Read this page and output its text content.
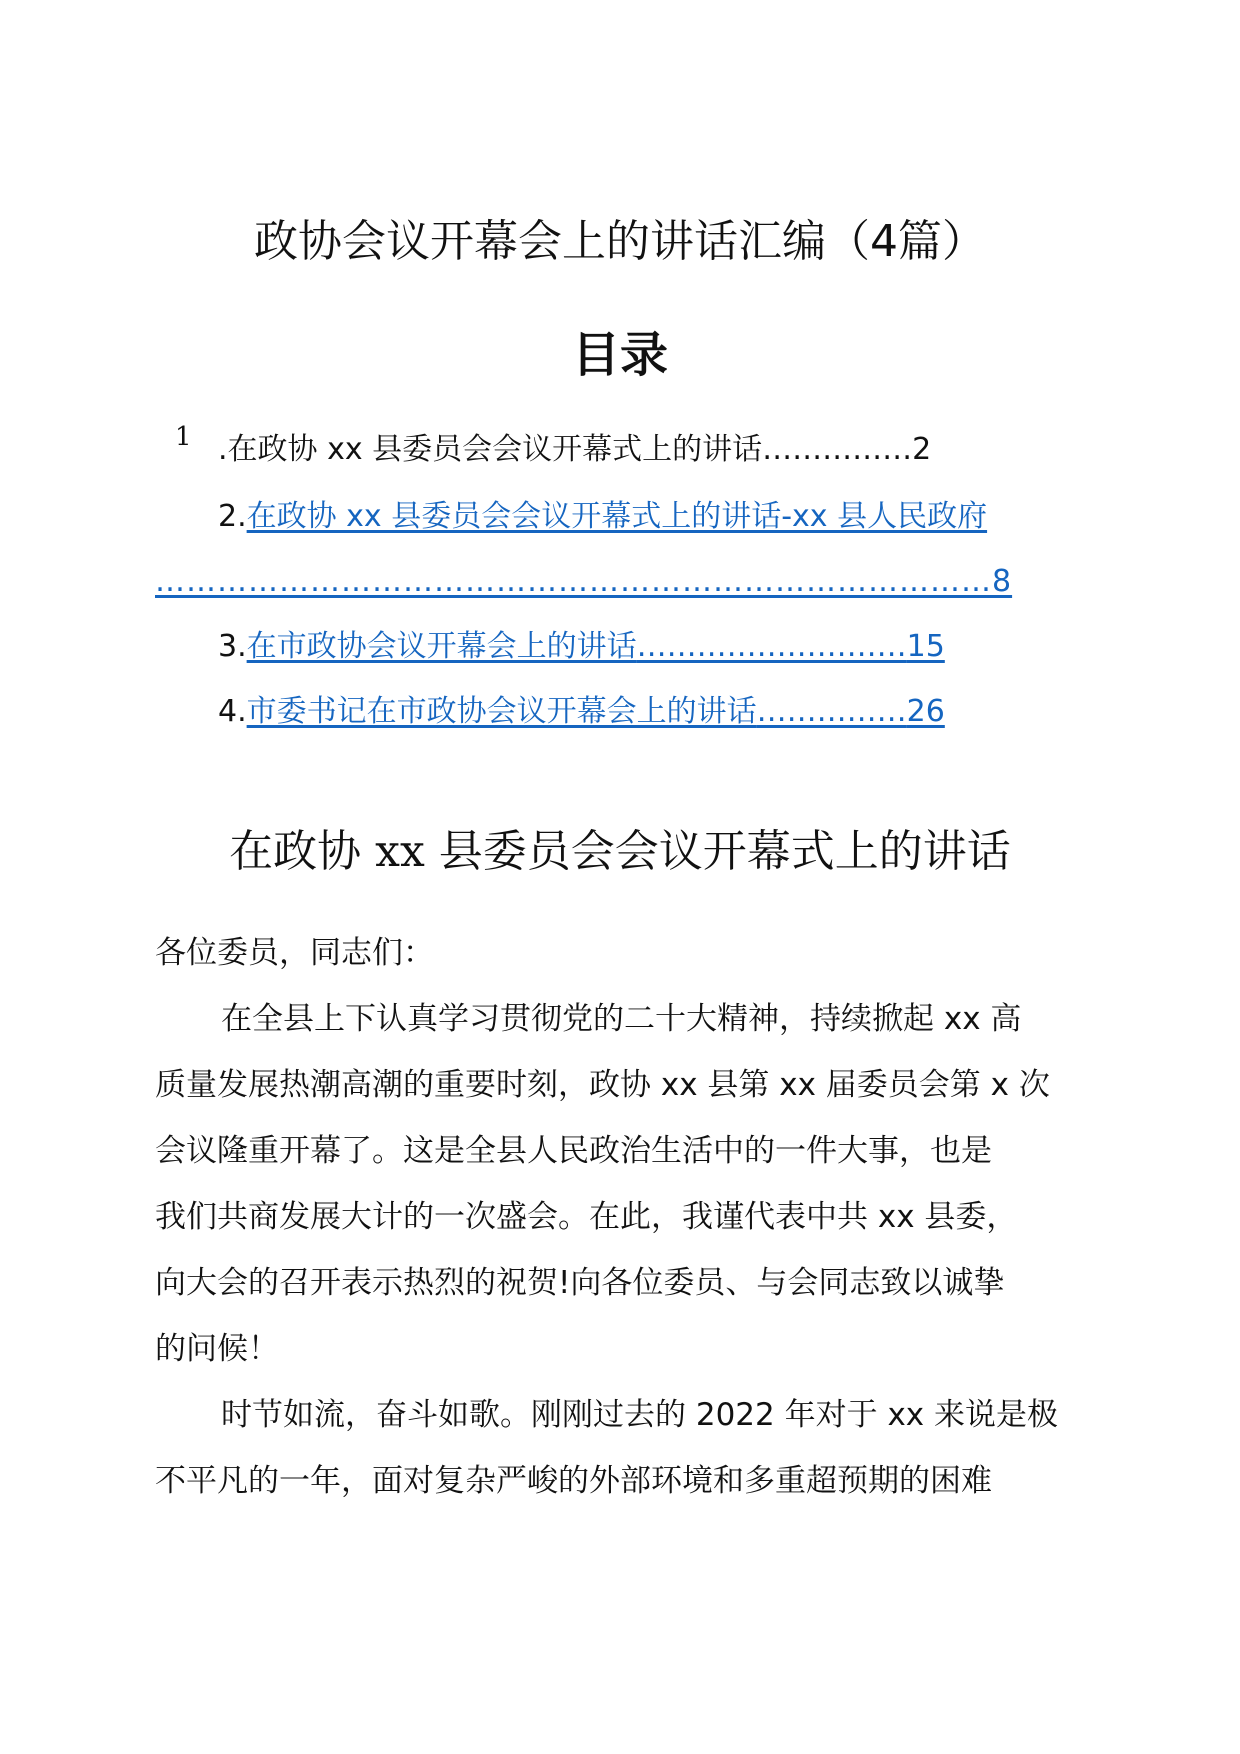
政协会议开幕会上的讲话汇编（4篇）
目录
1 .在政协 xx 县委员会会议开幕式上的讲话……………2
2.在政协 xx 县委员会会议开幕式上的讲话-xx 县人民政府
………………………………………………………………………8
3.在市政协会议开幕会上的讲话………………………15
4.市委书记在市政协会议开幕会上的讲话……………26
在政协 xx 县委员会会议开幕式上的讲话
各位委员，同志们：
在全县上下认真学习贯彻党的二十大精神，持续掀起 xx 高
质量发展热潮高潮的重要时刻，政协 xx 县第 xx 届委员会第 x 次
会议隆重开幕了。这是全县人民政治生活中的一件大事，也是
我们共商发展大计的一次盛会。在此，我谨代表中共 xx 县委，
向大会的召开表示热烈的祝贺!向各位委员、与会同志致以诚挚
的问候！
时节如流，奋斗如歌。刚刚过去的 2022 年对于 xx 来说是极
不平凡的一年，面对复杂严峻的外部环境和多重超预期的困难
